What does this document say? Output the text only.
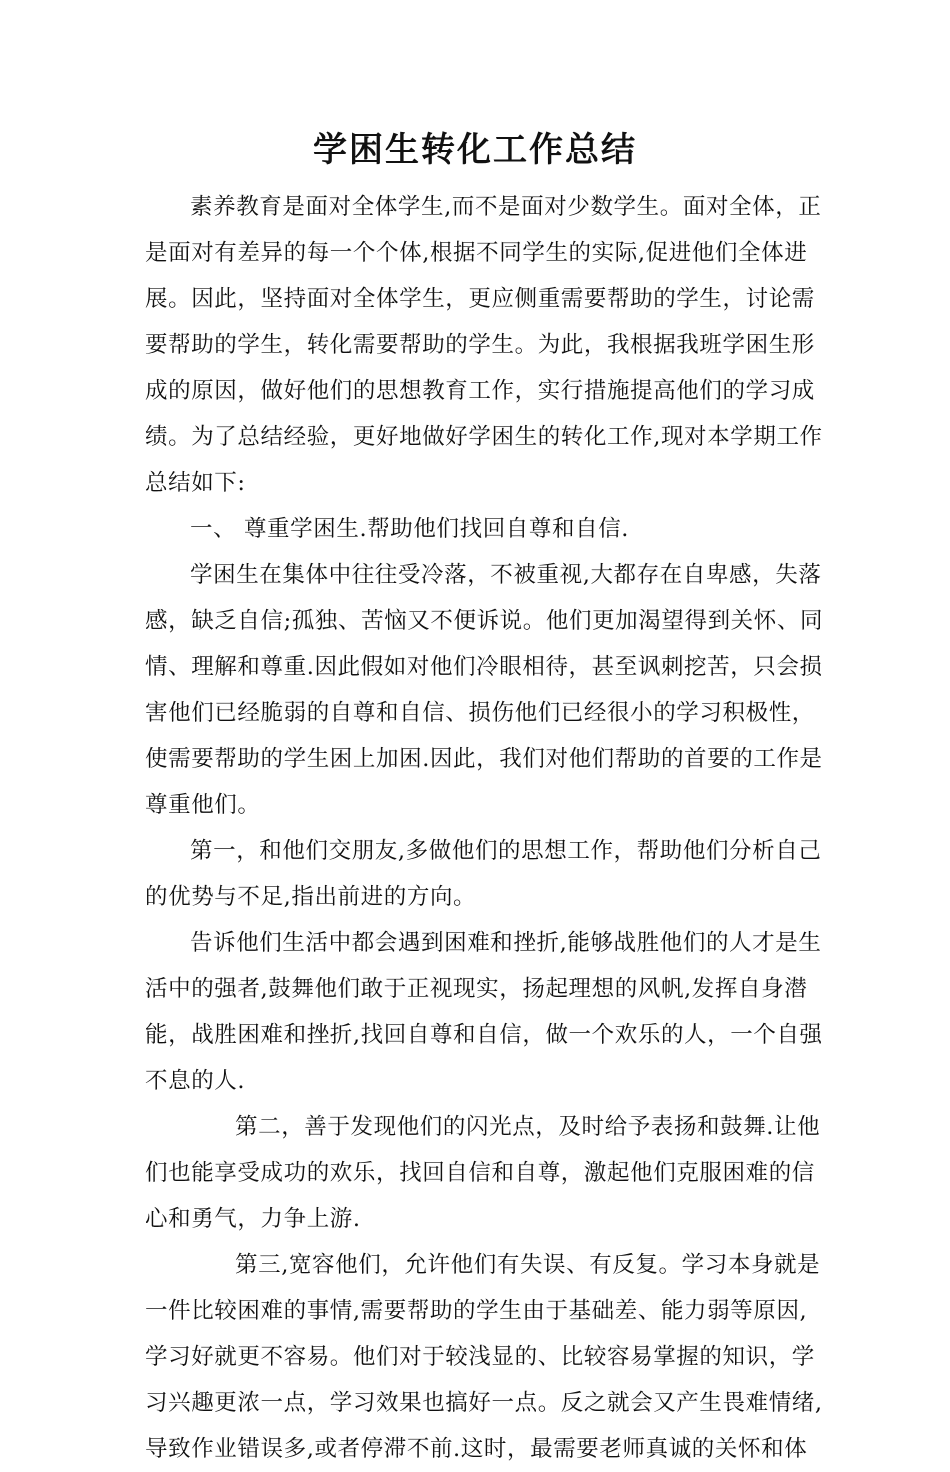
学困生转化工作总结
素养教育是面对全体学生,而不是面对少数学生。面对全体，正
是面对有差异的每一个个体,根据不同学生的实际,促进他们全体进
展。因此，坚持面对全体学生，更应侧重需要帮助的学生，讨论需
要帮助的学生，转化需要帮助的学生。为此，我根据我班学困生形
成的原因，做好他们的思想教育工作，实行措施提高他们的学习成
绩。为了总结经验，更好地做好学困生的转化工作,现对本学期工作
总结如下:
一、 尊重学困生.帮助他们找回自尊和自信.
学困生在集体中往往受冷落，不被重视,大都存在自卑感，失落
感，缺乏自信;孤独、苦恼又不便诉说。他们更加渴望得到关怀、同
情、理解和尊重.因此假如对他们冷眼相待，甚至讽刺挖苦，只会损
害他们已经脆弱的自尊和自信、损伤他们已经很小的学习积极性，
使需要帮助的学生困上加困.因此，我们对他们帮助的首要的工作是
尊重他们。
第一，和他们交朋友,多做他们的思想工作，帮助他们分析自己
的优势与不足,指出前进的方向。
告诉他们生活中都会遇到困难和挫折,能够战胜他们的人才是生
活中的强者,鼓舞他们敢于正视现实，扬起理想的风帆,发挥自身潜
能，战胜困难和挫折,找回自尊和自信，做一个欢乐的人，一个自强
不息的人.
第二，善于发现他们的闪光点，及时给予表扬和鼓舞.让他
们也能享受成功的欢乐，找回自信和自尊，激起他们克服困难的信
心和勇气，力争上游.
第三,宽容他们，允许他们有失误、有反复。学习本身就是
一件比较困难的事情,需要帮助的学生由于基础差、能力弱等原因,
学习好就更不容易。他们对于较浅显的、比较容易掌握的知识，学
习兴趣更浓一点，学习效果也搞好一点。反之就会又产生畏难情绪,
导致作业错误多,或者停滞不前.这时，最需要老师真诚的关怀和体
